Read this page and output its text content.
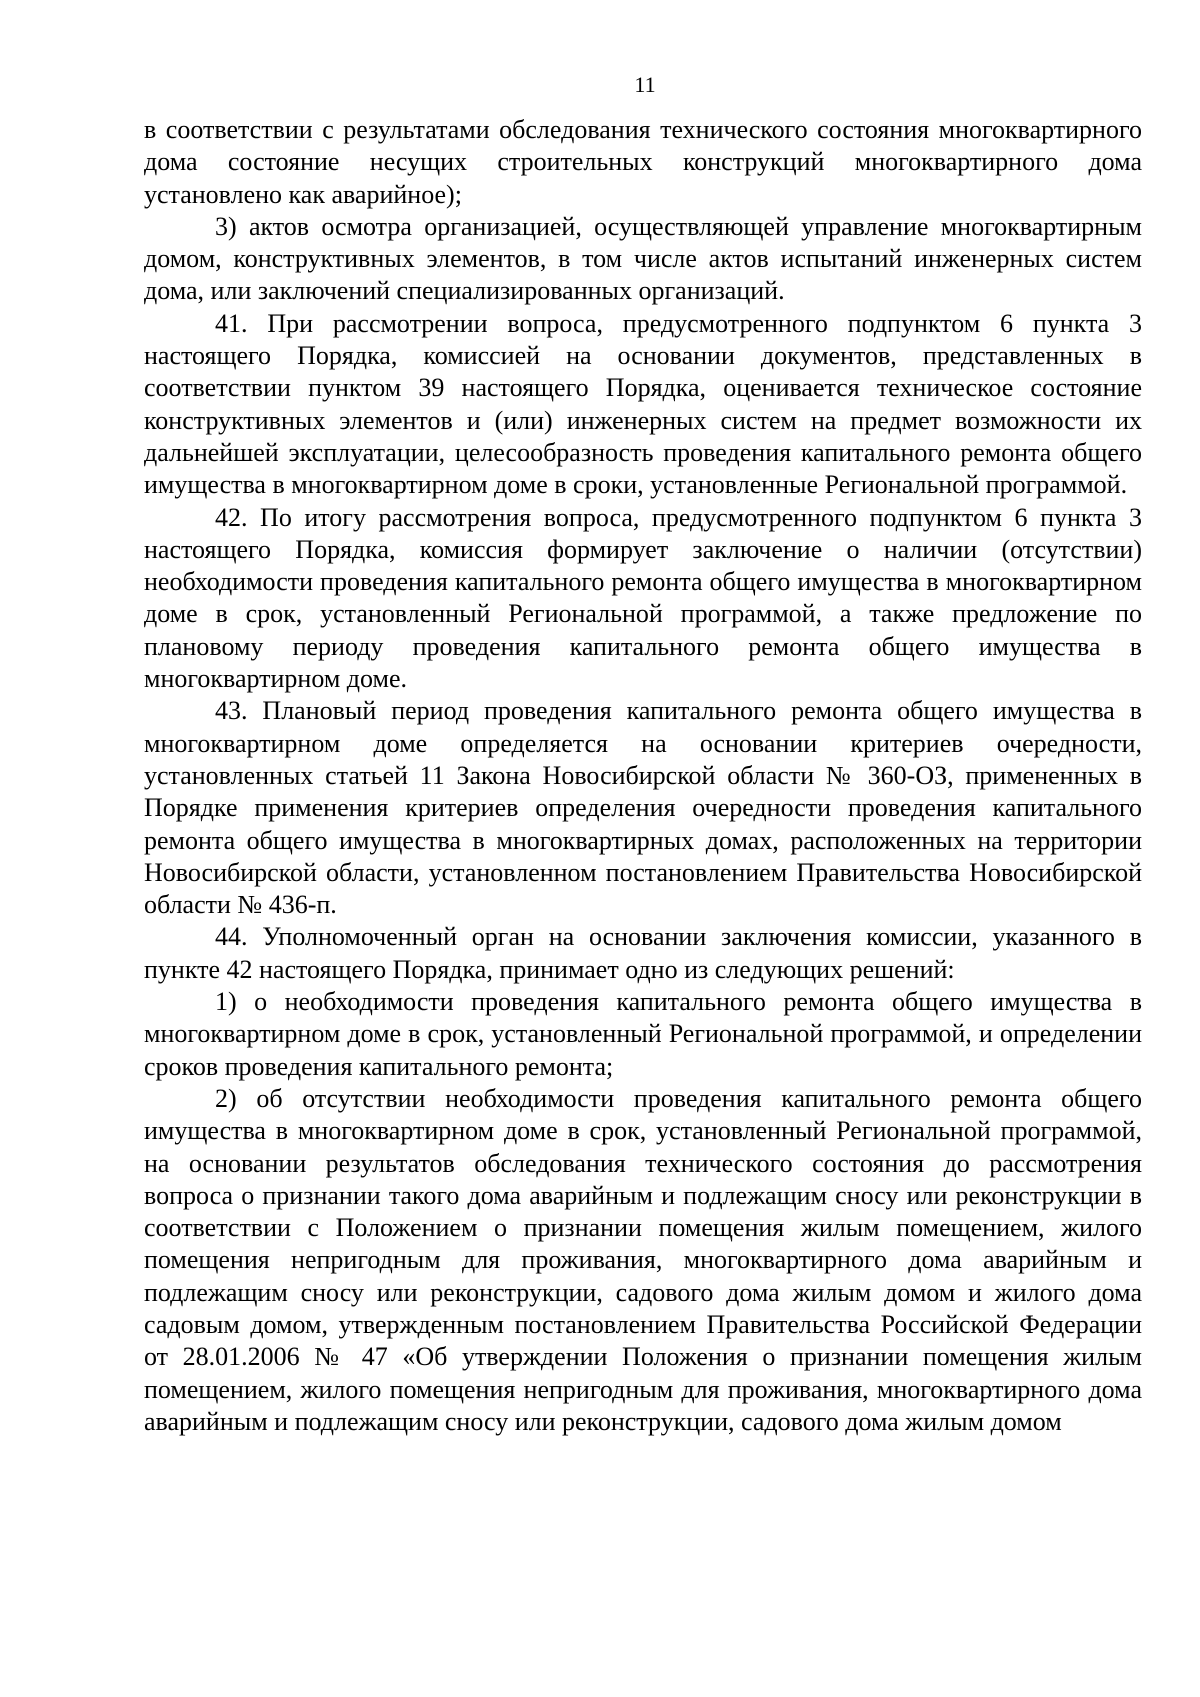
11

в соответствии с результатами обследования технического состояния многоквартирного дома состояние несущих строительных конструкций многоквартирного дома установлено как аварийное);

3) актов осмотра организацией, осуществляющей управление многоквартирным домом, конструктивных элементов, в том числе актов испытаний инженерных систем дома, или заключений специализированных организаций.

41. При рассмотрении вопроса, предусмотренного подпунктом 6 пункта 3 настоящего Порядка, комиссией на основании документов, представленных в соответствии пунктом 39 настоящего Порядка, оценивается техническое состояние конструктивных элементов и (или) инженерных систем на предмет возможности их дальнейшей эксплуатации, целесообразность проведения капитального ремонта общего имущества в многоквартирном доме в сроки, установленные Региональной программой.

42. По итогу рассмотрения вопроса, предусмотренного подпунктом 6 пункта 3 настоящего Порядка, комиссия формирует заключение о наличии (отсутствии) необходимости проведения капитального ремонта общего имущества в многоквартирном доме в срок, установленный Региональной программой, а также предложение по плановому периоду проведения капитального ремонта общего имущества в многоквартирном доме.

43. Плановый период проведения капитального ремонта общего имущества в многоквартирном доме определяется на основании критериев очередности, установленных статьей 11 Закона Новосибирской области № 360-ОЗ, примененных в Порядке применения критериев определения очередности проведения капитального ремонта общего имущества в многоквартирных домах, расположенных на территории Новосибирской области, установленном постановлением Правительства Новосибирской области № 436-п.

44. Уполномоченный орган на основании заключения комиссии, указанного в пункте 42 настоящего Порядка, принимает одно из следующих решений:

1) о необходимости проведения капитального ремонта общего имущества в многоквартирном доме в срок, установленный Региональной программой, и определении сроков проведения капитального ремонта;

2) об отсутствии необходимости проведения капитального ремонта общего имущества в многоквартирном доме в срок, установленный Региональной программой, на основании результатов обследования технического состояния до рассмотрения вопроса о признании такого дома аварийным и подлежащим сносу или реконструкции в соответствии с Положением о признании помещения жилым помещением, жилого помещения непригодным для проживания, многоквартирного дома аварийным и подлежащим сносу или реконструкции, садового дома жилым домом и жилого дома садовым домом, утвержденным постановлением Правительства Российской Федерации от 28.01.2006 № 47 «Об утверждении Положения о признании помещения жилым помещением, жилого помещения непригодным для проживания, многоквартирного дома аварийным и подлежащим сносу или реконструкции, садового дома жилым домом
